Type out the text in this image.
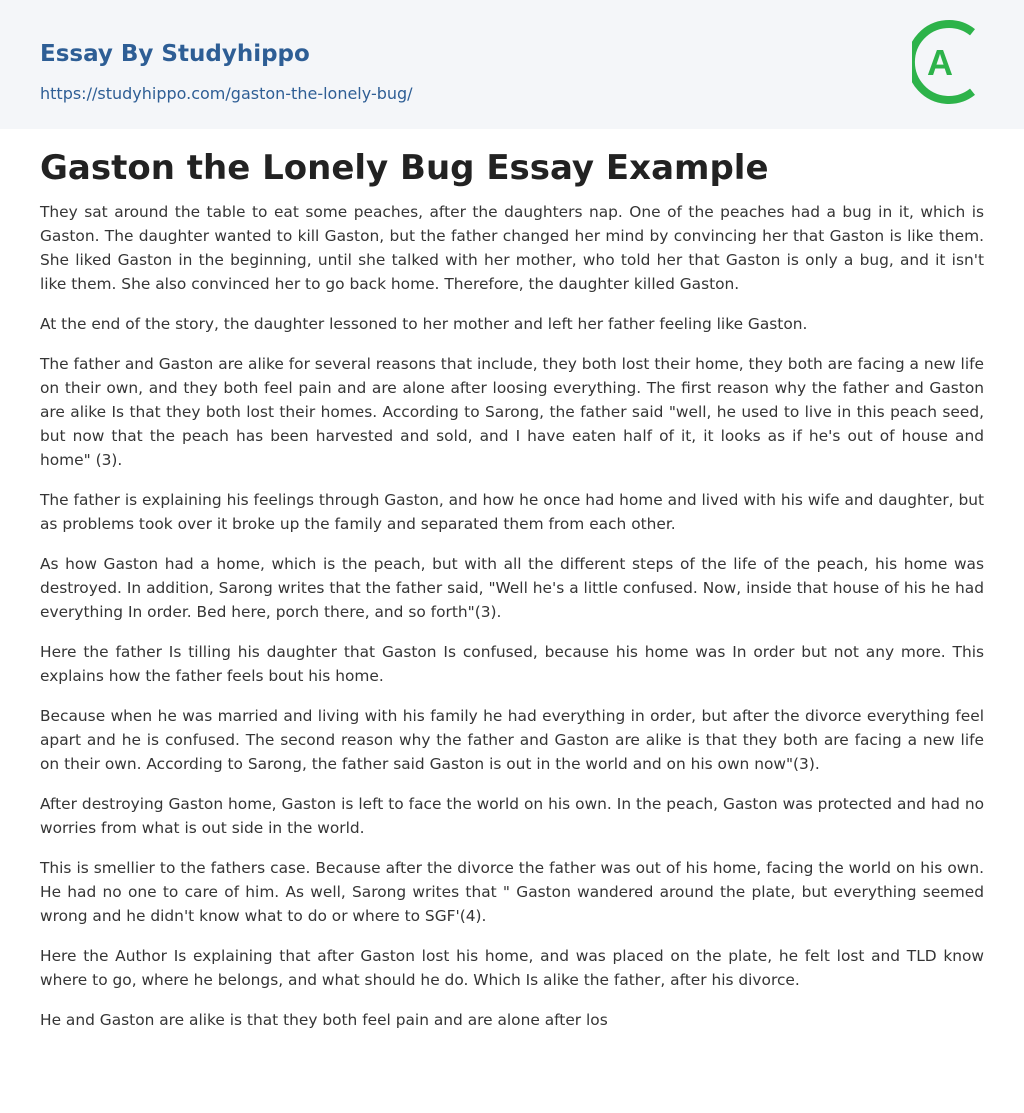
Essay By Studyhippo
https://studyhippo.com/gaston-the-lonely-bug/
A
Gaston the Lonely Bug Essay Example

They sat around the table to eat some peaches, after the daughters nap. One of the peaches had a bug in it, which is Gaston. The daughter wanted to kill Gaston, but the father changed her mind by convincing her that Gaston is like them. She liked Gaston in the beginning, until she talked with her mother, who told her that Gaston is only a bug, and it isn't like them. She also convinced her to go back home. Therefore, the daughter killed Gaston.

At the end of the story, the daughter lessoned to her mother and left her father feeling like Gaston.

The father and Gaston are alike for several reasons that include, they both lost their home, they both are facing a new life on their own, and they both feel pain and are alone after loosing everything. The first reason why the father and Gaston are alike Is that they both lost their homes. According to Sarong, the father said "well, he used to live in this peach seed, but now that the peach has been harvested and sold, and I have eaten half of it, it looks as if he's out of house and home" (3).

The father is explaining his feelings through Gaston, and how he once had home and lived with his wife and daughter, but as problems took over it broke up the family and separated them from each other.

As how Gaston had a home, which is the peach, but with all the different steps of the life of the peach, his home was destroyed. In addition, Sarong writes that the father said, "Well he's a little confused. Now, inside that house of his he had everything In order. Bed here, porch there, and so forth"(3).

Here the father Is tilling his daughter that Gaston Is confused, because his home was In order but not any more. This explains how the father feels bout his home.

Because when he was married and living with his family he had everything in order, but after the divorce everything feel apart and he is confused. The second reason why the father and Gaston are alike is that they both are facing a new life on their own. According to Sarong, the father said Gaston is out in the world and on his own now"(3).

After destroying Gaston home, Gaston is left to face the world on his own. In the peach, Gaston was protected and had no worries from what is out side in the world.

This is smellier to the fathers case. Because after the divorce the father was out of his home, facing the world on his own. He had no one to care of him. As well, Sarong writes that " Gaston wandered around the plate, but everything seemed wrong and he didn't know what to do or where to SGF'(4).

Here the Author Is explaining that after Gaston lost his home, and was placed on the plate, he felt lost and TLD know where to go, where he belongs, and what should he do. Which Is alike the father, after his divorce.

He and Gaston are alike is that they both feel pain and are alone after los
